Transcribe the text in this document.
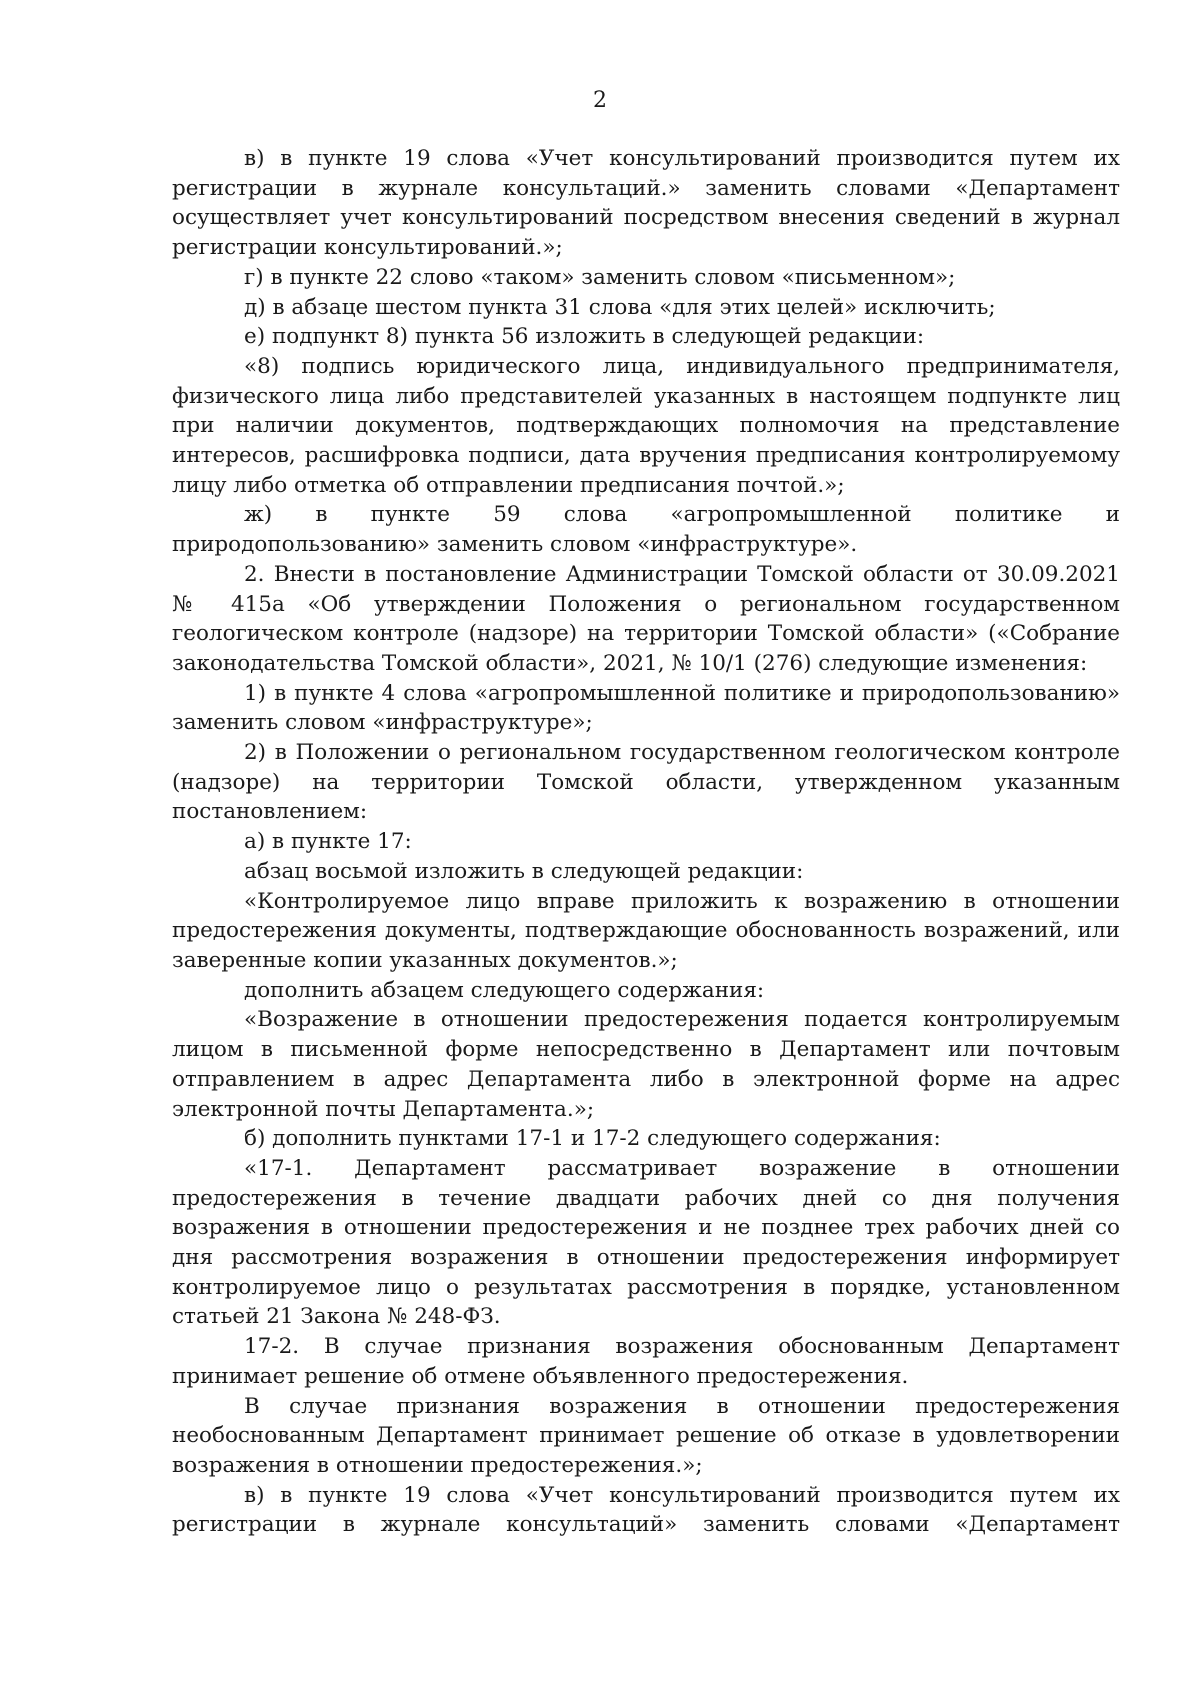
2

в) в пункте 19 слова «Учет консультирований производится путем их регистрации в журнале консультаций.» заменить словами «Департамент осуществляет учет консультирований посредством внесения сведений в журнал регистрации консультирований.»;

г) в пункте 22 слово «таком» заменить словом «письменном»;

д) в абзаце шестом пункта 31 слова «для этих целей» исключить;

е) подпункт 8) пункта 56 изложить в следующей редакции:

«8) подпись юридического лица, индивидуального предпринимателя, физического лица либо представителей указанных в настоящем подпункте лиц при наличии документов, подтверждающих полномочия на представление интересов, расшифровка подписи, дата вручения предписания контролируемому лицу либо отметка об отправлении предписания почтой.»;

ж) в пункте 59 слова «агропромышленной политике и природопользованию» заменить словом «инфраструктуре».

2. Внести в постановление Администрации Томской области от 30.09.2021 № 415а «Об утверждении Положения о региональном государственном геологическом контроле (надзоре) на территории Томской области» («Собрание законодательства Томской области», 2021, № 10/1 (276) следующие изменения:

1) в пункте 4 слова «агропромышленной политике и природопользованию» заменить словом «инфраструктуре»;

2) в Положении о региональном государственном геологическом контроле (надзоре) на территории Томской области, утвержденном указанным постановлением:

а) в пункте 17:

абзац восьмой изложить в следующей редакции:

«Контролируемое лицо вправе приложить к возражению в отношении предостережения документы, подтверждающие обоснованность возражений, или заверенные копии указанных документов.»;

дополнить абзацем следующего содержания:

«Возражение в отношении предостережения подается контролируемым лицом в письменной форме непосредственно в Департамент или почтовым отправлением в адрес Департамента либо в электронной форме на адрес электронной почты Департамента.»;

б) дополнить пунктами 17-1 и 17-2 следующего содержания:

«17-1. Департамент рассматривает возражение в отношении предостережения в течение двадцати рабочих дней со дня получения возражения в отношении предостережения и не позднее трех рабочих дней со дня рассмотрения возражения в отношении предостережения информирует контролируемое лицо о результатах рассмотрения в порядке, установленном статьей 21 Закона № 248-ФЗ.

17-2. В случае признания возражения обоснованным Департамент принимает решение об отмене объявленного предостережения.

В случае признания возражения в отношении предостережения необоснованным Департамент принимает решение об отказе в удовлетворении возражения в отношении предостережения.»;

в) в пункте 19 слова «Учет консультирований производится путем их регистрации в журнале консультаций» заменить словами «Департамент
